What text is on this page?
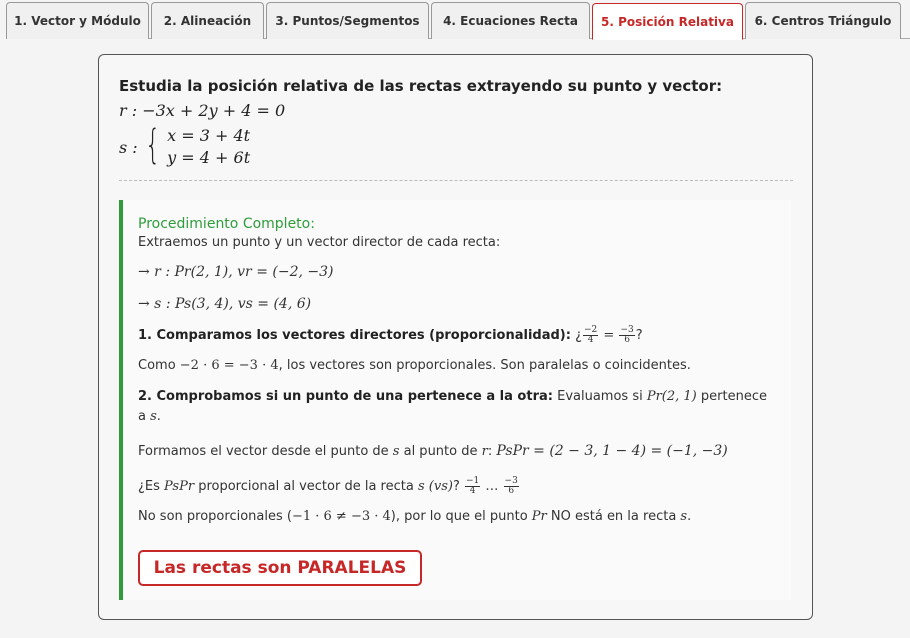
1. Vector y Módulo	2. Alineación	3. Puntos/Segmentos	4. Ecuaciones Recta	5. Posición Relativa	6. Centros Triángulo
Estudia la posición relativa de las rectas extrayendo su punto y vector:
r : −3x + 2y + 4 = 0
s : { x = 3 + 4t
y = 4 + 6t
Procedimiento Completo:
Extraemos un punto y un vector director de cada recta:
→ r : Pr(2, 1), vr = (−2, −3)
→ s : Ps(3, 4), vs = (4, 6)
1. Comparamos los vectores directores (proporcionalidad): ¿ $\frac{-2}{4} = \frac{-3}{6}$ ?
Como −2 · 6 = −3 · 4, los vectores son proporcionales. Son paralelas o coincidentes.
2. Comprobamos si un punto de una pertenece a la otra: Evaluamos si Pr(2, 1) pertenece
a s.
Formamos el vector desde el punto de s al punto de r: PsPr = (2 − 3, 1 − 4) = (−1, −3)
¿Es PsPr proporcional al vector de la recta s (vs)? $\frac{-1}{4}$ … $\frac{-3}{6}$
No son proporcionales (−1 · 6 ≠ −3 · 4), por lo que el punto Pr NO está en la recta s.
Las rectas son PARALELAS
